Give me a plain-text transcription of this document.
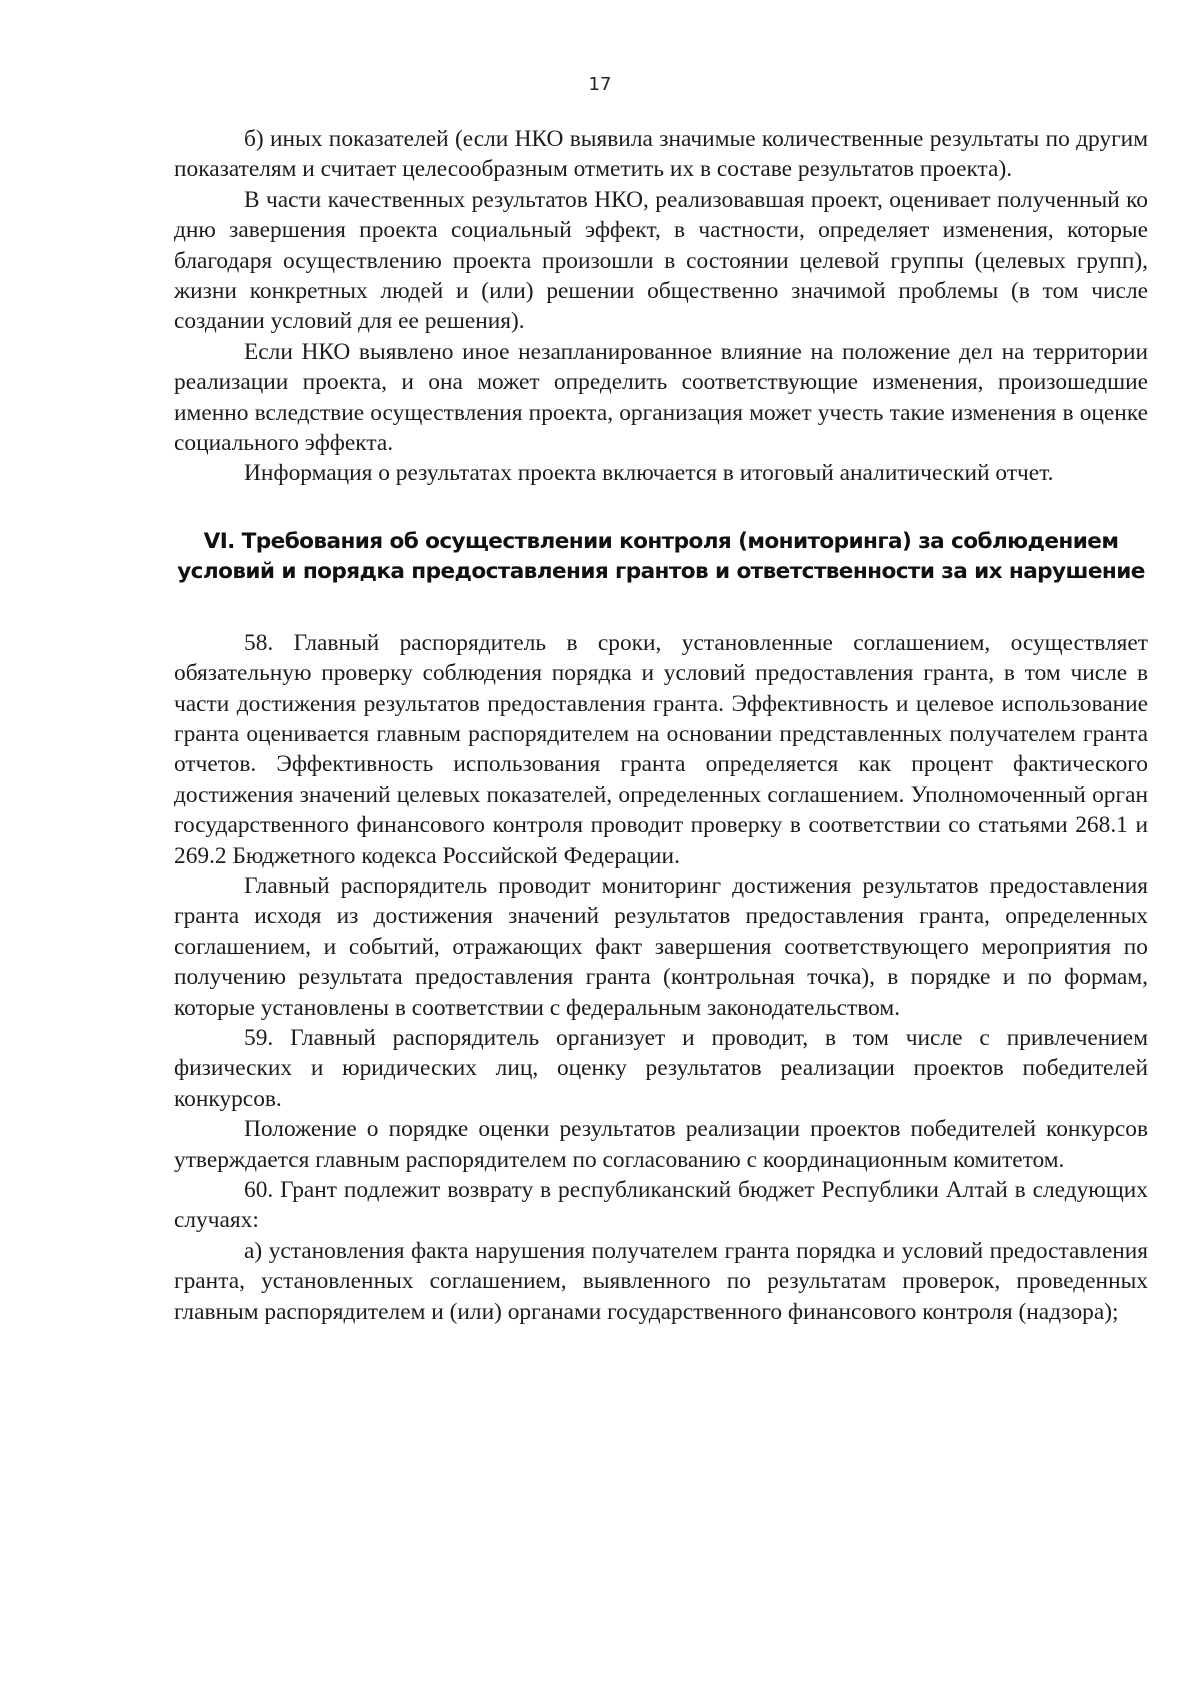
17

б) иных показателей (если НКО выявила значимые количественные результаты по другим показателям и считает целесообразным отметить их в составе результатов проекта).

В части качественных результатов НКО, реализовавшая проект, оценивает полученный ко дню завершения проекта социальный эффект, в частности, определяет изменения, которые благодаря осуществлению проекта произошли в состоянии целевой группы (целевых групп), жизни конкретных людей и (или) решении общественно значимой проблемы (в том числе создании условий для ее решения).

Если НКО выявлено иное незапланированное влияние на положение дел на территории реализации проекта, и она может определить соответствующие изменения, произошедшие именно вследствие осуществления проекта, организация может учесть такие изменения в оценке социального эффекта.

Информация о результатах проекта включается в итоговый аналитический отчет.

VI. Требования об осуществлении контроля (мониторинга) за соблюдением условий и порядка предоставления грантов и ответственности за их нарушение

58. Главный распорядитель в сроки, установленные соглашением, осуществляет обязательную проверку соблюдения порядка и условий предоставления гранта, в том числе в части достижения результатов предоставления гранта. Эффективность и целевое использование гранта оценивается главным распорядителем на основании представленных получателем гранта отчетов. Эффективность использования гранта определяется как процент фактического достижения значений целевых показателей, определенных соглашением. Уполномоченный орган государственного финансового контроля проводит проверку в соответствии со статьями 268.1 и 269.2 Бюджетного кодекса Российской Федерации.

Главный распорядитель проводит мониторинг достижения результатов предоставления гранта исходя из достижения значений результатов предоставления гранта, определенных соглашением, и событий, отражающих факт завершения соответствующего мероприятия по получению результата предоставления гранта (контрольная точка), в порядке и по формам, которые установлены в соответствии с федеральным законодательством.

59. Главный распорядитель организует и проводит, в том числе с привлечением физических и юридических лиц, оценку результатов реализации проектов победителей конкурсов.

Положение о порядке оценки результатов реализации проектов победителей конкурсов утверждается главным распорядителем по согласованию с координационным комитетом.

60. Грант подлежит возврату в республиканский бюджет Республики Алтай в следующих случаях:

а) установления факта нарушения получателем гранта порядка и условий предоставления гранта, установленных соглашением, выявленного по результатам проверок, проведенных главным распорядителем и (или) органами государственного финансового контроля (надзора);
